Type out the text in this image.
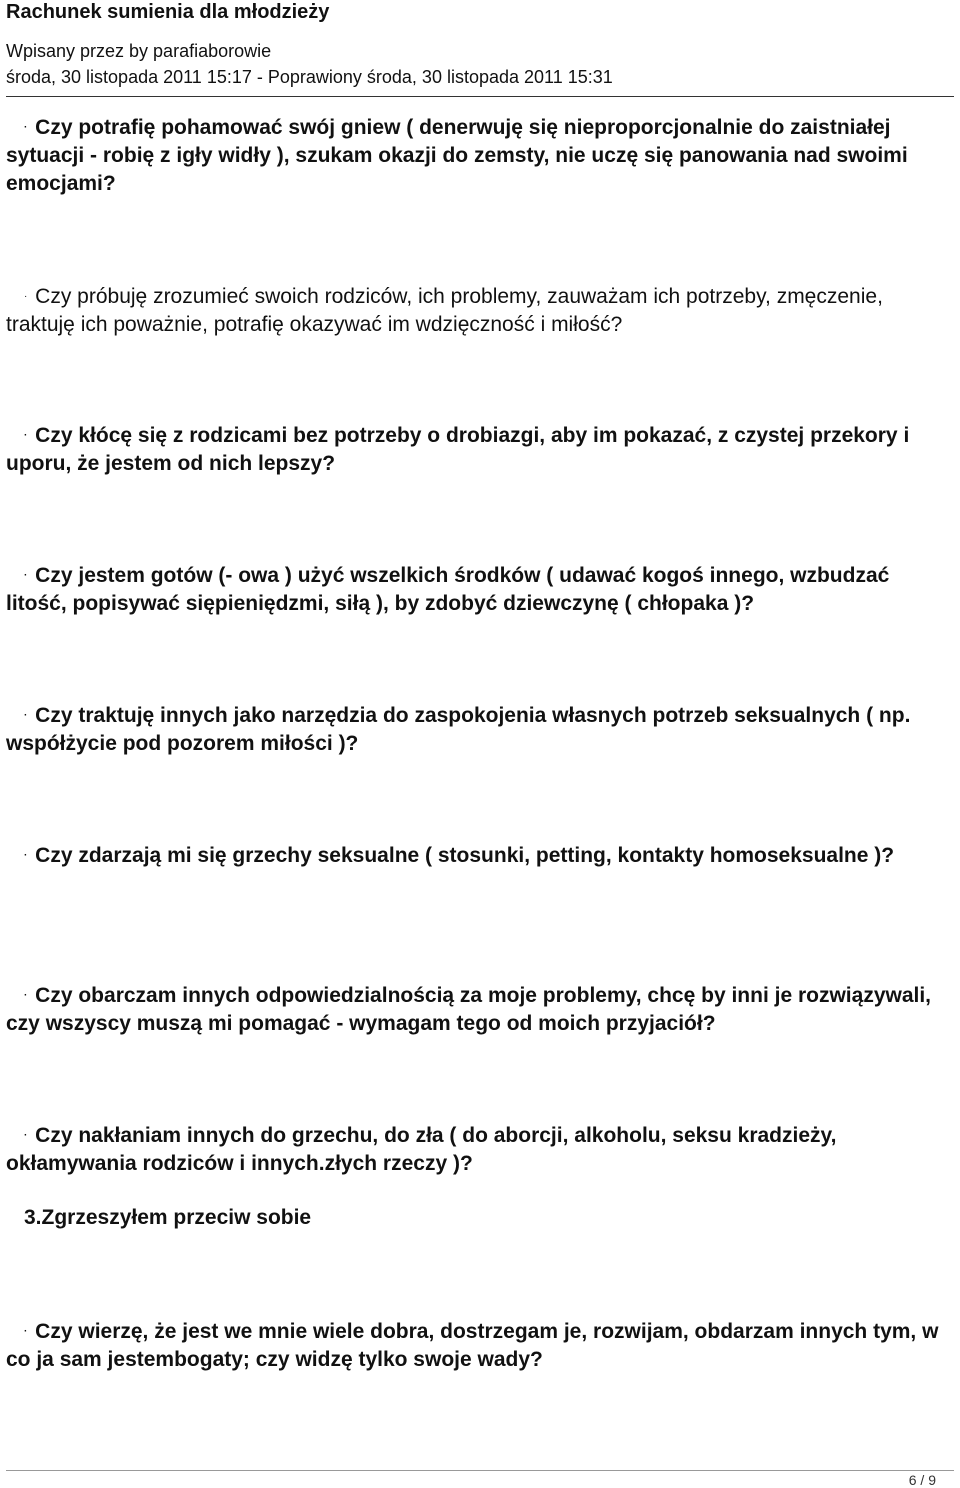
Rachunek sumienia dla młodzieży
Wpisany przez by parafiaborowie
środa, 30 listopada 2011 15:17 - Poprawiony środa, 30 listopada 2011 15:31
· Czy potrafię pohamować swój gniew ( denerwuję się nieproporcjonalnie do zaistniałej sytuacji - robię z igły widły ), szukam okazji do zemsty, nie uczę się panowania nad swoimi emocjami?
· Czy próbuję zrozumieć swoich rodziców, ich problemy, zauważam ich potrzeby, zmęczenie, traktuję ich poważnie, potrafię okazywać im wdzięczność i miłość?
· Czy kłócę się z rodzicami bez potrzeby o drobiazgi, aby im pokazać, z czystej przekory i uporu, że jestem od nich lepszy?
· Czy jestem gotów (- owa ) użyć wszelkich środków ( udawać kogoś innego, wzbudzać litość, popisywać siępieniędzmi, siłą ), by zdobyć dziewczynę ( chłopaka )?
· Czy traktuję innych jako narzędzia do zaspokojenia własnych potrzeb seksualnych ( np. współżycie pod pozorem miłości )?
· Czy zdarzają mi się grzechy seksualne ( stosunki, petting, kontakty homoseksualne )?
· Czy obarczam innych odpowiedzialnością za moje problemy, chcę by inni je rozwiązywali, czy wszyscy muszą mi pomagać - wymagam tego od moich przyjaciół?
· Czy nakłaniam innych do grzechu, do zła ( do aborcji, alkoholu, seksu kradzieży, okłamywania rodziców i innych.złych rzeczy )?
3.Zgrzeszyłem przeciw sobie
· Czy wierzę, że jest we mnie wiele dobra, dostrzegam je, rozwijam, obdarzam innych tym, w co ja sam jestembogaty; czy widzę tylko swoje wady?
6 / 9
